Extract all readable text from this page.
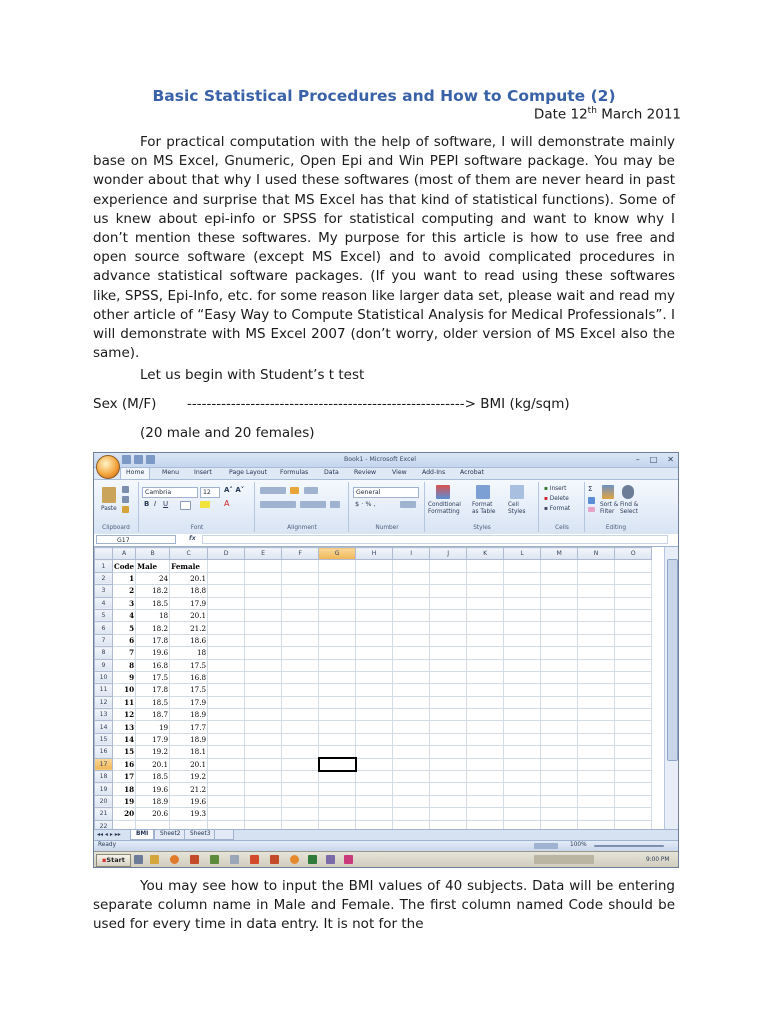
Basic Statistical Procedures and How to Compute (2)
Date 12th March 2011

For practical computation with the help of software, I will demonstrate mainly base on MS Excel, Gnumeric, Open Epi and Win PEPI software package. You may be wonder about that why I used these softwares (most of them are never heard in past experience and surprise that MS Excel has that kind of statistical functions). Some of us knew about epi-info or SPSS for statistical computing and want to know why I don’t mention these softwares. My purpose for this article is how to use free and open source software (except MS Excel) and to avoid complicated procedures in advance statistical software packages. (If you want to read using these softwares like, SPSS, Epi-Info, etc. for some reason like larger data set, please wait and read my other article of “Easy Way to Compute Statistical Analysis for Medical Professionals”. I will demonstrate with MS Excel 2007 (don’t worry, older version of MS Excel also the same).

Let us begin with Student’s t test
Sex (M/F) ---------------------------------------------------------> BMI (kg/sqm)
(20 male and 20 females)
Book1 - Microsoft Excel	– □ ✕
Home	Menu Insert	Page Layout Formulas	Data Review	View Add-Ins Acrobat
Paste
Clipboard
Cambria	12	A˄ A˅
B I U	A
Font	Alignment
General
$ · % ,
Number
Conditional
Formatting
Format
as Table
Cell
Styles
Styles
▪ Insert
▪ Delete
▪ Format
Cells
Σ
Sort &
Filter
Find &
Select
Editing
G17	fx
	A	B	C	D	E	F	G	H	I	J	K	L	M	N	O
1	Code	Male	Female												
2	1	24	20.1												
3	2	18.2	18.8												
4	3	18.5	17.9												
5	4	18	20.1												
6	5	18.2	21.2												
7	6	17.8	18.6												
8	7	19.6	18												
9	8	16.8	17.5												
10	9	17.5	16.8												
11	10	17.8	17.5												
12	11	18.5	17.9												
13	12	18.7	18.9												
14	13	19	17.7												
15	14	17.9	18.9												
16	15	19.2	18.1												
17	16	20.1	20.1												
18	17	18.5	19.2												
19	18	19.6	21.2												
20	19	18.9	19.6												
21	20	20.6	19.3												
22															

◂◂ ◂ ▸ ▸▸	BMI	Sheet2	Sheet3
Ready	100%
▪Start	9:00 PM

You may see how to input the BMI values of 40 subjects. Data will be entering separate column name in Male and Female. The first column named Code should be used for every time in data entry. It is not for the
